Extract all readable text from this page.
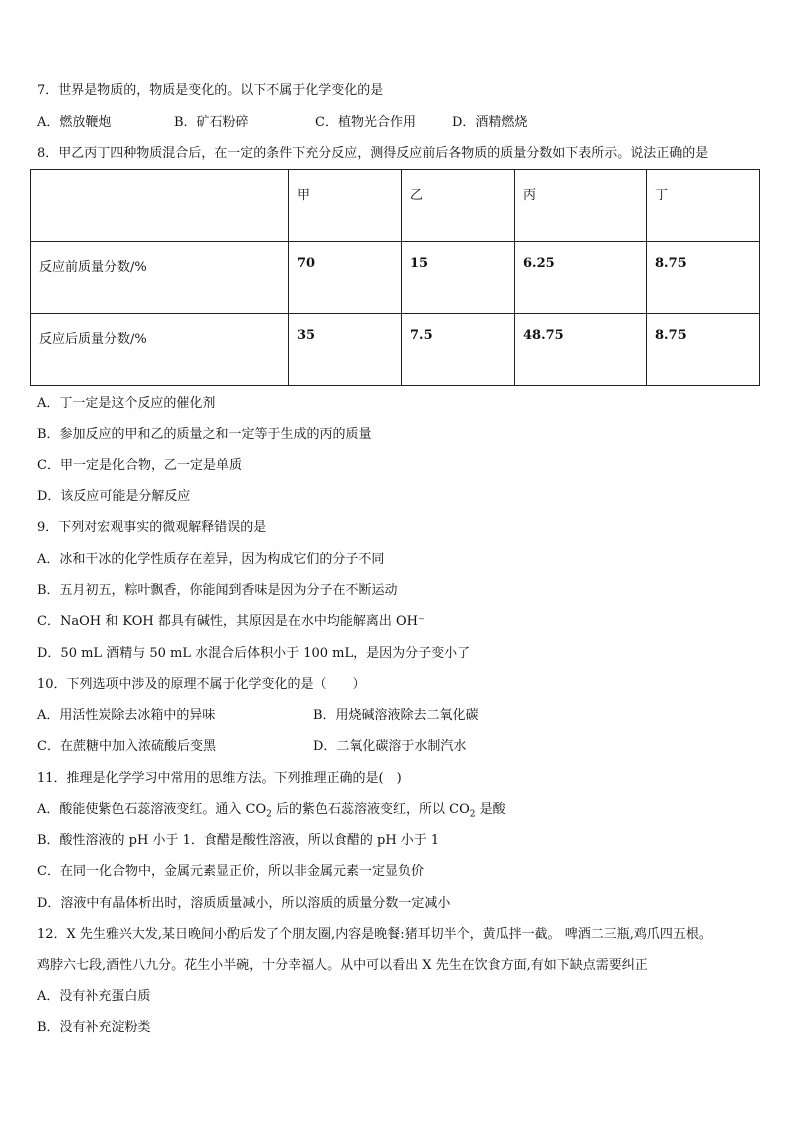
7．世界是物质的，物质是变化的。以下不属于化学变化的是
A．燃放鞭炮	B．矿石粉碎	C．植物光合作用	D．酒精燃烧
8．甲乙丙丁四种物质混合后，在一定的条件下充分反应，测得反应前后各物质的质量分数如下表所示。说法正确的是
	甲	乙	丙	丁
反应前质量分数/%	70	15	6.25	8.75
反应后质量分数/%	35	7.5	48.75	8.75
A．丁一定是这个反应的催化剂
B．参加反应的甲和乙的质量之和一定等于生成的丙的质量
C．甲一定是化合物，乙一定是单质
D．该反应可能是分解反应
9．下列对宏观事实的微观解释错误的是
A．冰和干冰的化学性质存在差异，因为构成它们的分子不同
B．五月初五，粽叶飘香，你能闻到香味是因为分子在不断运动
C．NaOH 和 KOH 都具有碱性，其原因是在水中均能解离出 OH⁻
D．50 mL 酒精与 50 mL 水混合后体积小于 100 mL，是因为分子变小了
10．下列选项中涉及的原理不属于化学变化的是（　　）
A．用活性炭除去冰箱中的异味	B．用烧碱溶液除去二氧化碳
C．在蔗糖中加入浓硫酸后变黑	D．二氧化碳溶于水制汽水
11．推理是化学学习中常用的思维方法。下列推理正确的是(　)
A．酸能使紫色石蕊溶液变红。通入 $CO_2$ 后的紫色石蕊溶液变红，所以 $CO_2$ 是酸
B．酸性溶液的 pH 小于 1．食醋是酸性溶液，所以食醋的 pH 小于 1
C．在同一化合物中，金属元素显正价，所以非金属元素一定显负价
D．溶液中有晶体析出时，溶质质量减小，所以溶质的质量分数一定减小
12．X 先生雅兴大发,某日晚间小酌后发了个朋友圈,内容是晚餐:猪耳切半个，黄瓜拌一截。 啤酒二三瓶,鸡爪四五根。
鸡脖六七段,酒性八九分。花生小半碗，十分幸福人。从中可以看出 X 先生在饮食方面,有如下缺点需要纠正
A．没有补充蛋白质
B．没有补充淀粉类
